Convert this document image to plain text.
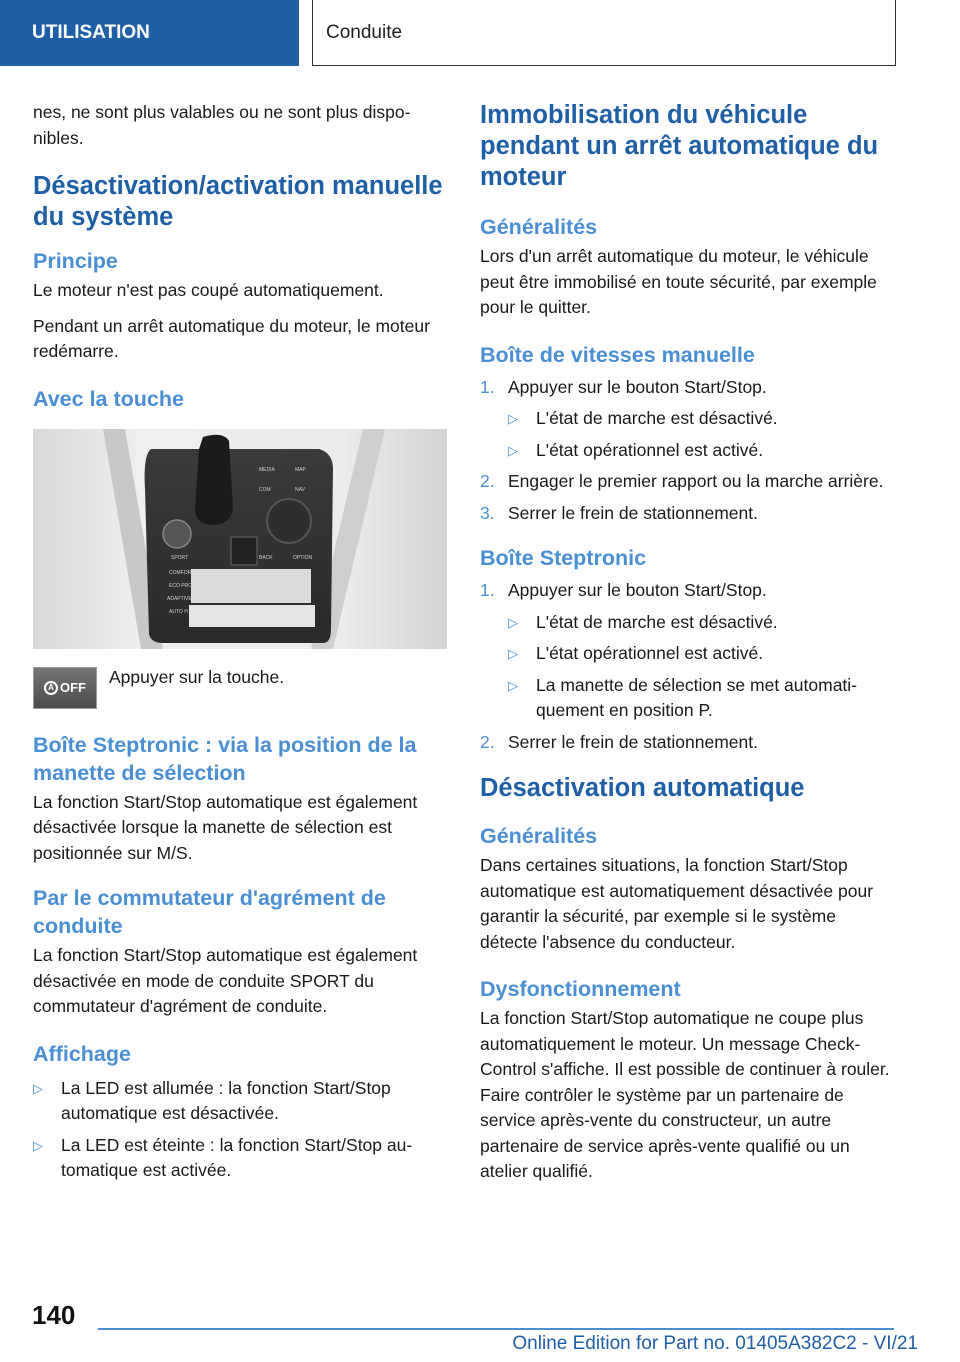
UTILISATION	Conduite

nes, ne sont plus valables ou ne sont plus disponibles.

Désactivation/activation manuelle du système
Principe

Le moteur n'est pas coupé automatiquement.

Pendant un arrêt automatique du moteur, le moteur redémarre.

Avec la touche
MEDIA	MAP
COM	NAV
BACK	OPTION
SPORT
COMFORT
ECO PRO
ADAPTIVE
AUTO H
A OFF

Appuyer sur la touche.

Boîte Steptronic : via la position de la manette de sélection

La fonction Start/Stop automatique est également désactivée lorsque la manette de sélection est positionnée sur M/S.

Par le commutateur d'agrément de conduite

La fonction Start/Stop automatique est également désactivée en mode de conduite SPORT du commutateur d'agrément de conduite.

Affichage
▷ La LED est allumée : la fonction Start/Stop automatique est désactivée.
▷ La LED est éteinte : la fonction Start/Stop automatique est activée.
Immobilisation du véhicule pendant un arrêt automatique du moteur
Généralités

Lors d'un arrêt automatique du moteur, le véhicule peut être immobilisé en toute sécurité, par exemple pour le quitter.

Boîte de vitesses manuelle
1. Appuyer sur le bouton Start/Stop.
▷ L'état de marche est désactivé.
▷ L'état opérationnel est activé.
2. Engager le premier rapport ou la marche arrière.
3. Serrer le frein de stationnement.
Boîte Steptronic
1. Appuyer sur le bouton Start/Stop.
▷ L'état de marche est désactivé.
▷ L'état opérationnel est activé.
▷ La manette de sélection se met automatiquement en position P.
2. Serrer le frein de stationnement.
Désactivation automatique
Généralités

Dans certaines situations, la fonction Start/Stop automatique est automatiquement désactivée pour garantir la sécurité, par exemple si le système détecte l'absence du conducteur.

Dysfonctionnement

La fonction Start/Stop automatique ne coupe plus automatiquement le moteur. Un message Check-Control s'affiche. Il est possible de continuer à rouler. Faire contrôler le système par un partenaire de service après-vente du constructeur, un autre partenaire de service après-vente qualifié ou un atelier qualifié.

140
Online Edition for Part no. 01405A382C2 - VI/21
